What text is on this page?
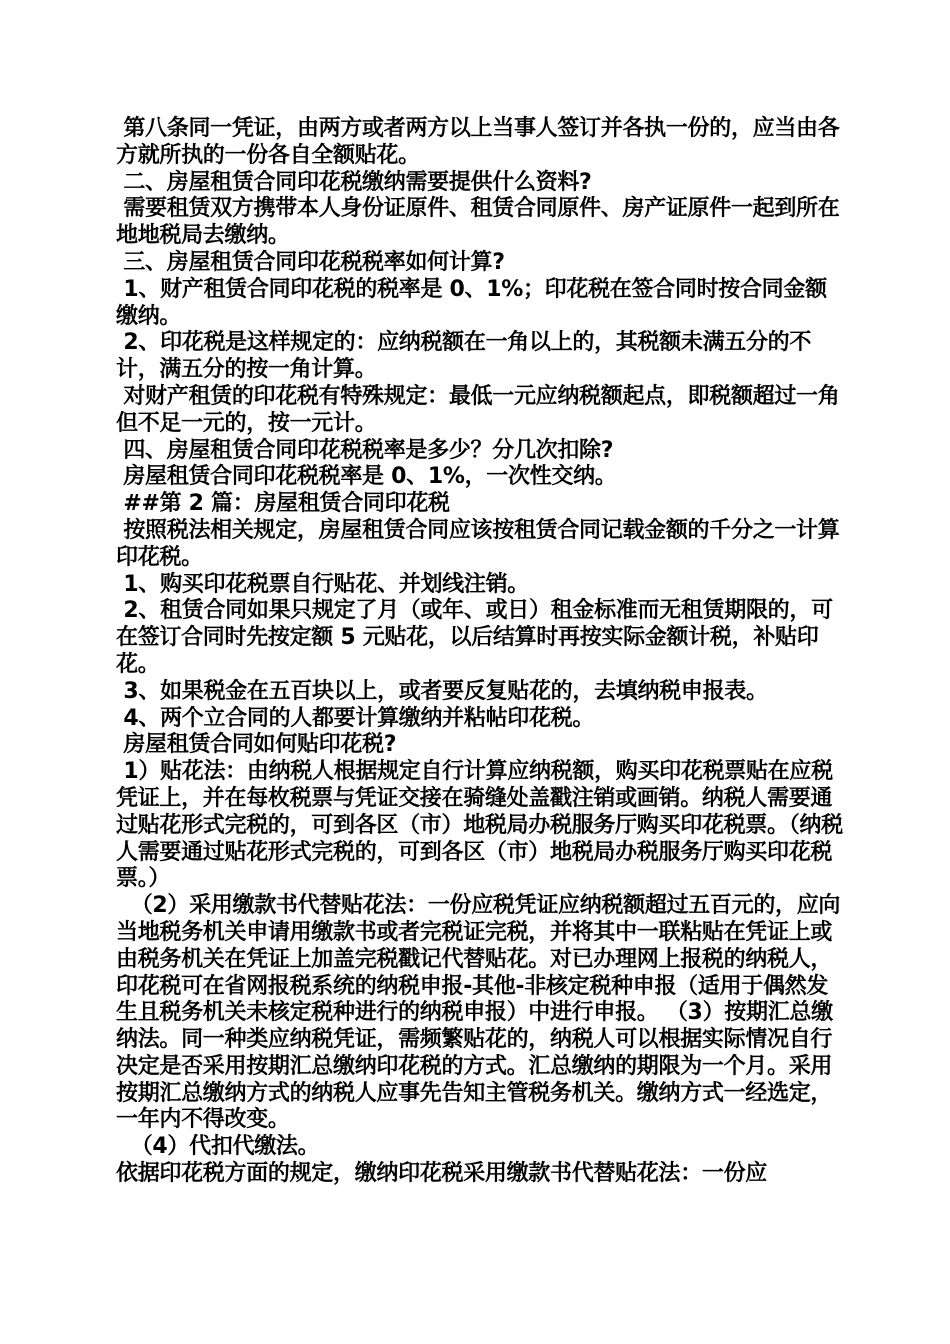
第八条同一凭证，由两方或者两方以上当事人签订并各执一份的，应当由各方就所执的一份各自全额贴花。

二、房屋租赁合同印花税缴纳需要提供什么资料?

需要租赁双方携带本人身份证原件、租赁合同原件、房产证原件一起到所在地地税局去缴纳。

三、房屋租赁合同印花税税率如何计算?

1、财产租赁合同印花税的税率是 0、1%；印花税在签合同时按合同金额缴纳。

2、印花税是这样规定的：应纳税额在一角以上的，其税额未满五分的不计，满五分的按一角计算。

对财产租赁的印花税有特殊规定：最低一元应纳税额起点，即税额超过一角但不足一元的，按一元计。

四、房屋租赁合同印花税税率是多少？分几次扣除?

房屋租赁合同印花税税率是 0、1%，一次性交纳。

##第 2 篇：房屋租赁合同印花税

按照税法相关规定，房屋租赁合同应该按租赁合同记载金额的千分之一计算印花税。

1、购买印花税票自行贴花、并划线注销。

2、租赁合同如果只规定了月（或年、或日）租金标准而无租赁期限的，可在签订合同时先按定额 5 元贴花，以后结算时再按实际金额计税，补贴印花。

3、如果税金在五百块以上，或者要反复贴花的，去填纳税申报表。

4、两个立合同的人都要计算缴纳并粘帖印花税。

房屋租赁合同如何贴印花税?

1）贴花法：由纳税人根据规定自行计算应纳税额，购买印花税票贴在应税凭证上，并在每枚税票与凭证交接在骑缝处盖戳注销或画销。纳税人需要通过贴花形式完税的，可到各区（市）地税局办税服务厅购买印花税票。（纳税人需要通过贴花形式完税的，可到各区（市）地税局办税服务厅购买印花税票。）

（2）采用缴款书代替贴花法：一份应税凭证应纳税额超过五百元的，应向当地税务机关申请用缴款书或者完税证完税，并将其中一联粘贴在凭证上或由税务机关在凭证上加盖完税戳记代替贴花。对已办理网上报税的纳税人，印花税可在省网报税系统的纳税申报-其他-非核定税种申报（适用于偶然发生且税务机关未核定税种进行的纳税申报）中进行申报。 （3）按期汇总缴纳法。同一种类应纳税凭证，需频繁贴花的，纳税人可以根据实际情况自行决定是否采用按期汇总缴纳印花税的方式。汇总缴纳的期限为一个月。采用按期汇总缴纳方式的纳税人应事先告知主管税务机关。缴纳方式一经选定，一年内不得改变。

（4）代扣代缴法。

依据印花税方面的规定，缴纳印花税采用缴款书代替贴花法：一份应
